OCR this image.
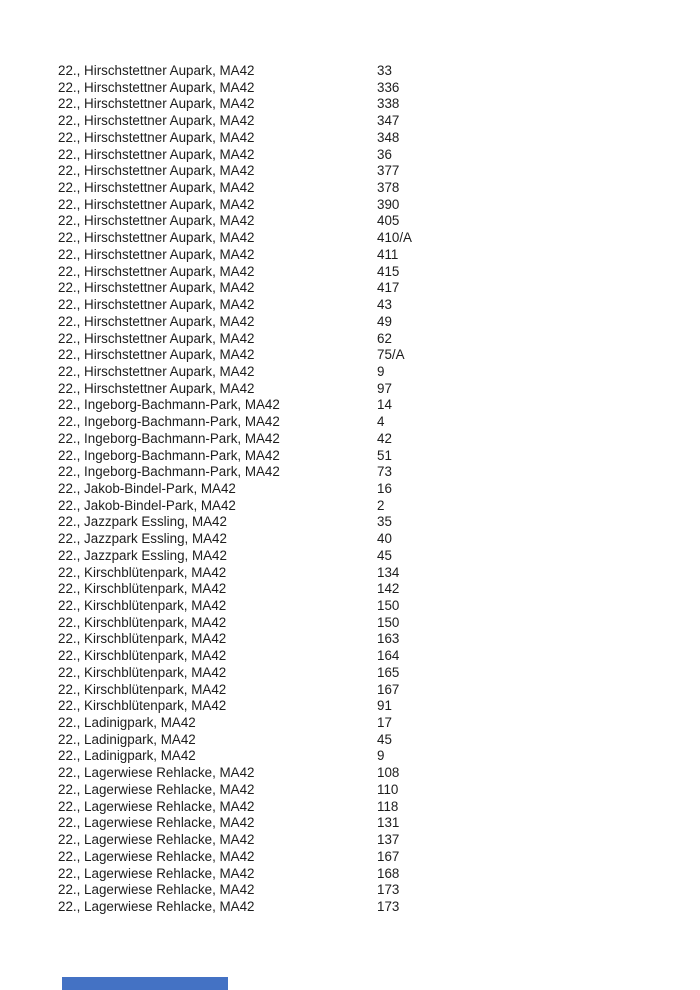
22., Hirschstettner Aupark, MA42	33
22., Hirschstettner Aupark, MA42	336
22., Hirschstettner Aupark, MA42	338
22., Hirschstettner Aupark, MA42	347
22., Hirschstettner Aupark, MA42	348
22., Hirschstettner Aupark, MA42	36
22., Hirschstettner Aupark, MA42	377
22., Hirschstettner Aupark, MA42	378
22., Hirschstettner Aupark, MA42	390
22., Hirschstettner Aupark, MA42	405
22., Hirschstettner Aupark, MA42	410/A
22., Hirschstettner Aupark, MA42	411
22., Hirschstettner Aupark, MA42	415
22., Hirschstettner Aupark, MA42	417
22., Hirschstettner Aupark, MA42	43
22., Hirschstettner Aupark, MA42	49
22., Hirschstettner Aupark, MA42	62
22., Hirschstettner Aupark, MA42	75/A
22., Hirschstettner Aupark, MA42	9
22., Hirschstettner Aupark, MA42	97
22., Ingeborg-Bachmann-Park, MA42	14
22., Ingeborg-Bachmann-Park, MA42	4
22., Ingeborg-Bachmann-Park, MA42	42
22., Ingeborg-Bachmann-Park, MA42	51
22., Ingeborg-Bachmann-Park, MA42	73
22., Jakob-Bindel-Park, MA42	16
22., Jakob-Bindel-Park, MA42	2
22., Jazzpark Essling, MA42	35
22., Jazzpark Essling, MA42	40
22., Jazzpark Essling, MA42	45
22., Kirschblütenpark, MA42	134
22., Kirschblütenpark, MA42	142
22., Kirschblütenpark, MA42	150
22., Kirschblütenpark, MA42	150
22., Kirschblütenpark, MA42	163
22., Kirschblütenpark, MA42	164
22., Kirschblütenpark, MA42	165
22., Kirschblütenpark, MA42	167
22., Kirschblütenpark, MA42	91
22., Ladinigpark, MA42	17
22., Ladinigpark, MA42	45
22., Ladinigpark, MA42	9
22., Lagerwiese Rehlacke, MA42	108
22., Lagerwiese Rehlacke, MA42	110
22., Lagerwiese Rehlacke, MA42	118
22., Lagerwiese Rehlacke, MA42	131
22., Lagerwiese Rehlacke, MA42	137
22., Lagerwiese Rehlacke, MA42	167
22., Lagerwiese Rehlacke, MA42	168
22., Lagerwiese Rehlacke, MA42	173
22., Lagerwiese Rehlacke, MA42	173
